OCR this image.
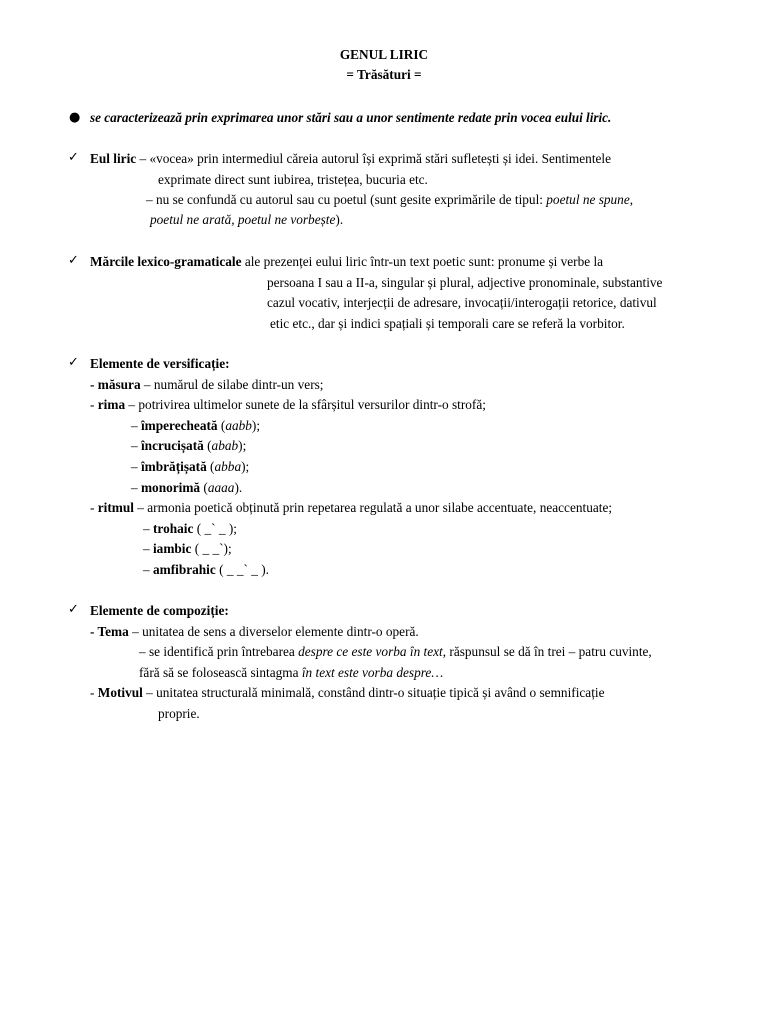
GENUL LIRIC
= Trăsături =
● se caracterizează prin exprimarea unor stări sau a unor sentimente redate prin vocea eului liric.
✓ Eul liric – «vocea» prin intermediul căreia autorul își exprimă stări sufletești și idei. Sentimentele
exprimate direct sunt iubirea, tristețea, bucuria etc.
– nu se confundă cu autorul sau cu poetul (sunt gesite exprimările de tipul: poetul ne spune,
poetul ne arată, poetul ne vorbește).
✓ Mărcile lexico-gramaticale ale prezenței eului liric într-un text poetic sunt: pronume și verbe la
persoana I sau a II-a, singular și plural, adjective pronominale, substantive
cazul vocativ, interjecții de adresare, invocații/interogații retorice, dativul
etic etc., dar și indici spațiali și temporali care se referă la vorbitor.
✓ Elemente de versificație:
- măsura – numărul de silabe dintr-un vers;
- rima – potrivirea ultimelor sunete de la sfârșitul versurilor dintr-o strofă;
– împerecheată (aabb);
– încrucișată (abab);
– îmbrățișată (abba);
– monorimă (aaaa).
- ritmul – armonia poetică obținută prin repetarea regulată a unor silabe accentuate, neaccentuate;
– trohaic ( _` _ );
– iambic ( _ _`);
– amfibrahic ( _ _` _ ).
✓ Elemente de compoziție:
- Tema – unitatea de sens a diverselor elemente dintr-o operă.
– se identifică prin întrebarea despre ce este vorba în text, răspunsul se dă în trei – patru cuvinte,
fără să se folosească sintagma în text este vorba despre…
- Motivul – unitatea structurală minimală, constând dintr-o situație tipică și având o semnificație
proprie.
